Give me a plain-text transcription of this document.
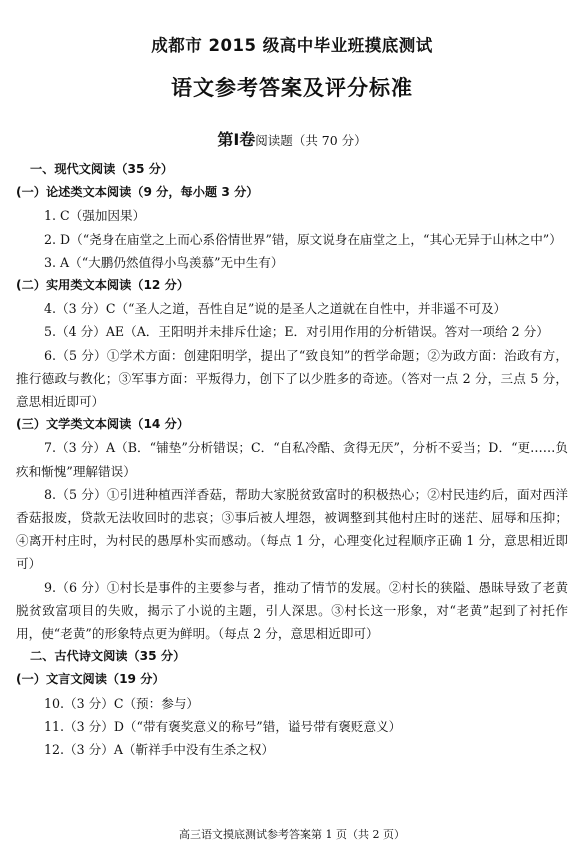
成都市 2015 级高中毕业班摸底测试
语文参考答案及评分标准
第Ⅰ卷阅读题（共 70 分）

一、现代文阅读（35 分）

(一）论述类文本阅读（9 分，每小题 3 分）

1. C（强加因果）

2. D（“尧身在庙堂之上而心系俗情世界”错，原文说身在庙堂之上，“其心无异于山林之中”）

3. A（“大鹏仍然值得小鸟羡慕”无中生有）

(二）实用类文本阅读（12 分）

4.（3 分）C（“圣人之道，吾性自足”说的是圣人之道就在自性中，并非遥不可及）

5.（4 分）AE（A．王阳明并未排斥仕途；E．对引用作用的分析错误。答对一项给 2 分）

6.（5 分）①学术方面：创建阳明学，提出了“致良知”的哲学命题；②为政方面：治政有方，推行德政与教化；③军事方面：平叛得力，创下了以少胜多的奇迹。（答对一点 2 分，三点 5 分，意思相近即可）

(三）文学类文本阅读（14 分）

7.（3 分）A（B．“铺垫”分析错误；C．“自私冷酷、贪得无厌”，分析不妥当；D．“更……负疚和惭愧”理解错误）

8.（5 分）①引进种植西洋香菇，帮助大家脱贫致富时的积极热心；②村民违约后，面对西洋香菇报废，贷款无法收回时的悲哀；③事后被人埋怨，被调整到其他村庄时的迷茫、屈辱和压抑；④离开村庄时，为村民的愚厚朴实而感动。（每点 1 分，心理变化过程顺序正确 1 分，意思相近即可）

9.（6 分）①村长是事件的主要参与者，推动了情节的发展。②村长的狭隘、愚昧导致了老黄脱贫致富项目的失败，揭示了小说的主题，引人深思。③村长这一形象，对“老黄”起到了衬托作用，使“老黄”的形象特点更为鲜明。（每点 2 分，意思相近即可）

二、古代诗文阅读（35 分）

(一）文言文阅读（19 分）

10.（3 分）C（预：参与）

11.（3 分）D（“带有褒奖意义的称号”错，谥号带有褒贬意义）

12.（3 分）A（靳祥手中没有生杀之权）

高三语文摸底测试参考答案第 1 页（共 2 页）
